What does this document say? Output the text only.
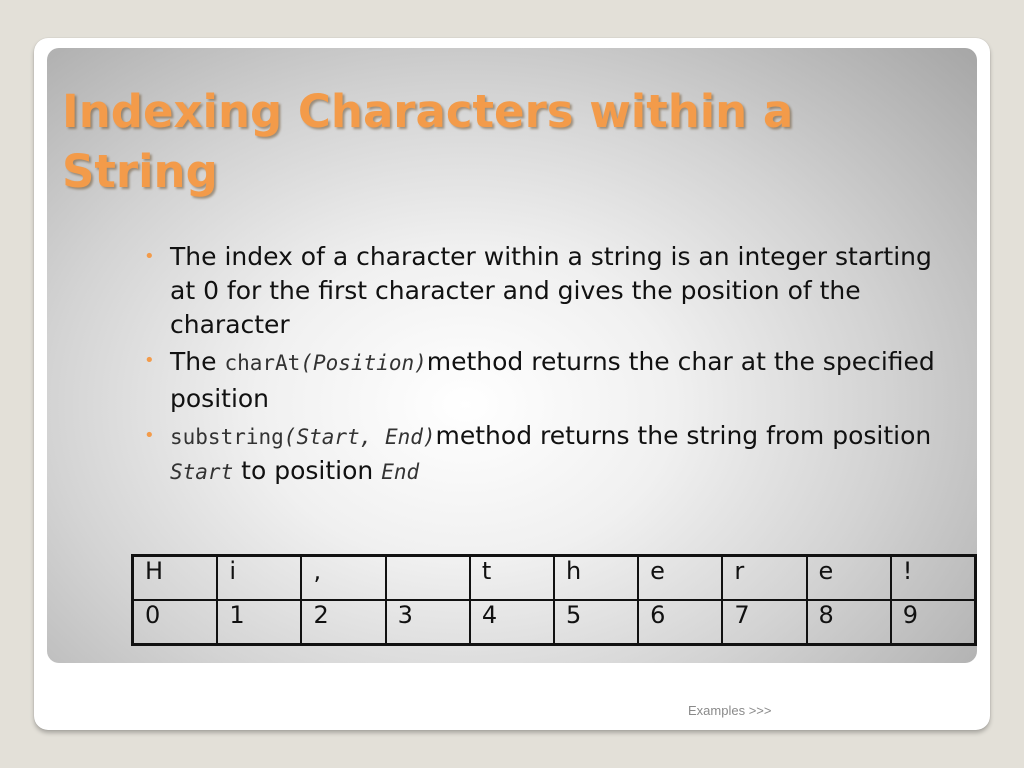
Indexing Characters within a String
• The index of a character within a string is an integer starting at 0 for the first character and gives the position of the character
• The charAt(Position)method returns the char at the specified position
• substring(Start, End)method returns the string from position Start to position End
H	i	,		t	h	e	r	e	!
0	1	2	3	4	5	6	7	8	9
Examples >>>
